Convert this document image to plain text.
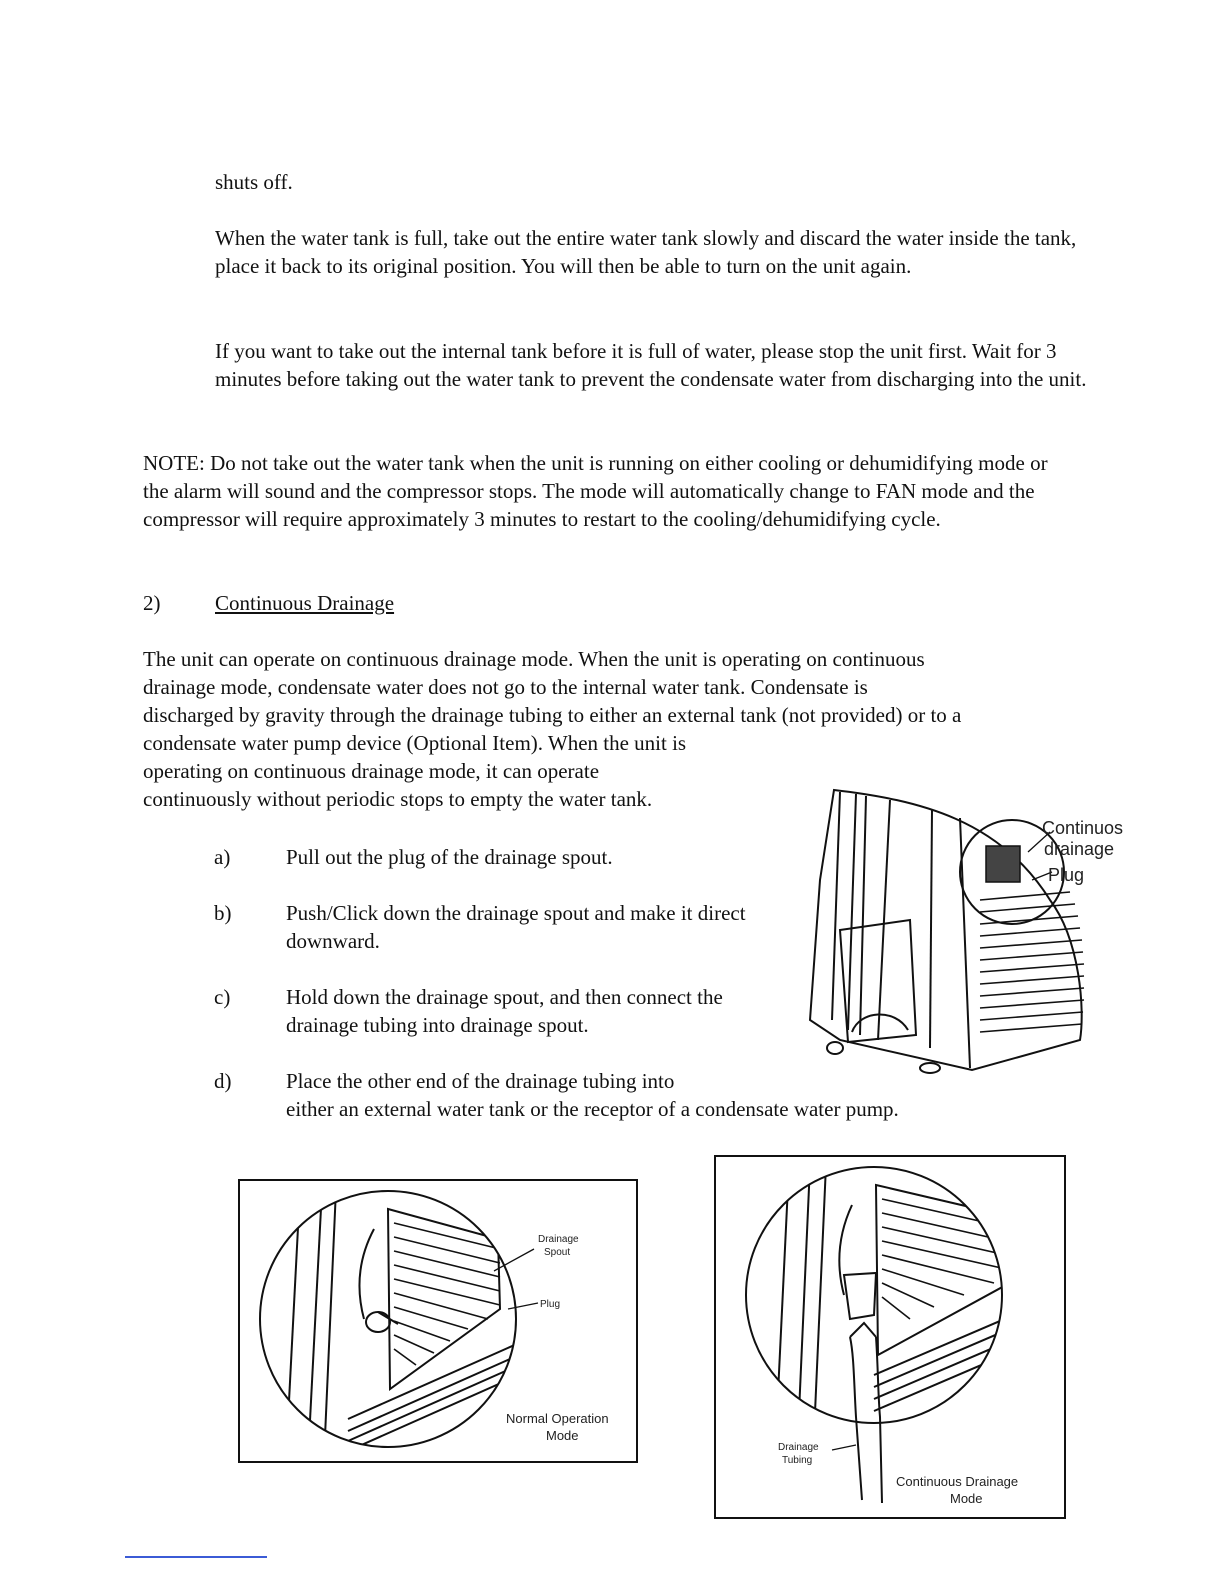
shuts off.

When the water tank is full, take out the entire water tank slowly and discard the water inside the tank, place it back to its original position. You will then be able to turn on the unit again.

If you want to take out the internal tank before it is full of water, please stop the unit first. Wait for 3 minutes before taking out the water tank to prevent the condensate water from discharging into the unit.

NOTE: Do not take out the water tank when the unit is running on either cooling or dehumidifying mode or the alarm will sound and the compressor stops. The mode will automatically change to FAN mode and the compressor will require approximately 3 minutes to restart to the cooling/dehumidifying cycle.

2)	Continuous Drainage
The unit can operate on continuous drainage mode. When the unit is operating on continuous
drainage mode, condensate water does not go to the internal water tank. Condensate is
discharged by gravity through the drainage tubing to either an external tank (not provided) or to a
condensate water pump device (Optional Item). When the unit is
operating on continuous drainage mode, it can operate
continuously without periodic stops to empty the water tank.
a)	Pull out the plug of the drainage spout.

b)	Push/Click down the drainage spout and make it direct downward.

c)	Hold down the drainage spout, and then connect the drainage tubing into drainage spout.

d)	Place the other end of the drainage tubing into
either an external water tank or the receptor of a condensate water pump.
Continuos
drainage
Plug
Drainage
Spout
Plug
Normal Operation
Mode
Drainage
Tubing
Continuous Drainage
Mode
